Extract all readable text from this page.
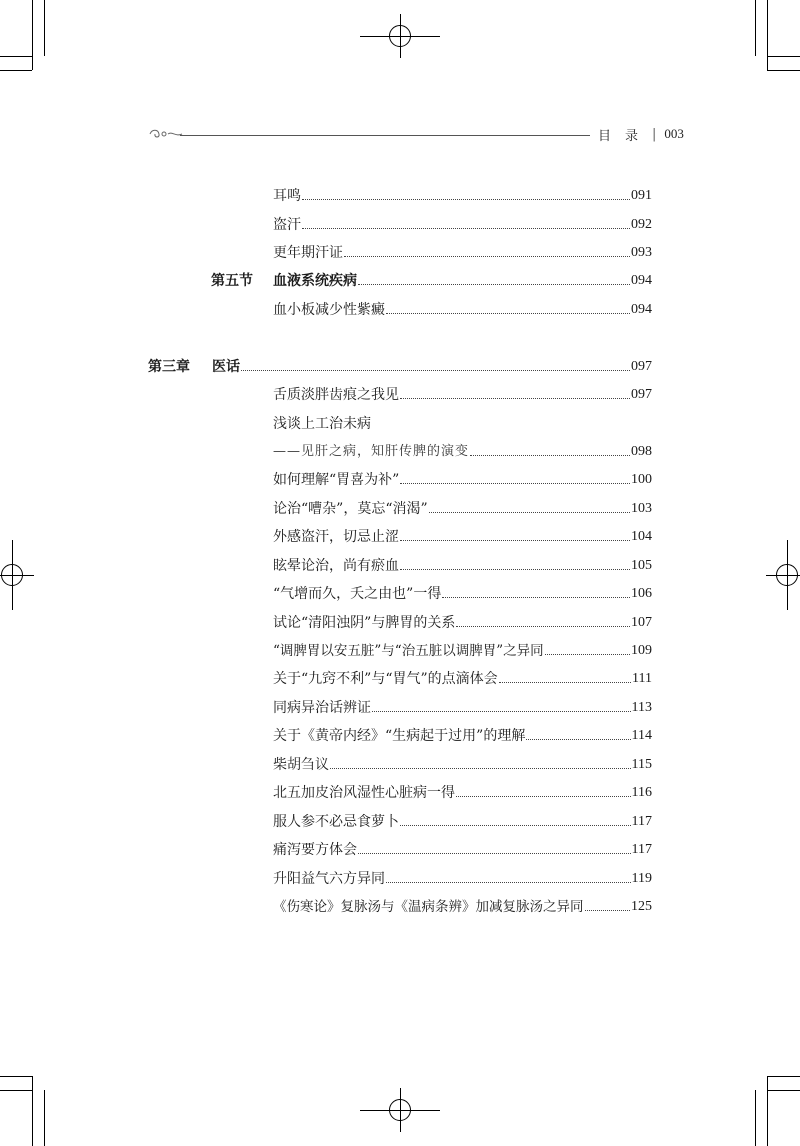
目录 | 003
耳鸣	091
盗汗	092
更年期汗证	093
第五节 血液系统疾病	094
血小板减少性紫癜	094
第三章 医话	097
舌质淡胖齿痕之我见	097
浅谈上工治未病
——见肝之病，知肝传脾的演变	098
如何理解“胃喜为补”	100
论治“嘈杂”，莫忘“消渴”	103
外感盗汗，切忌止涩	104
眩晕论治，尚有瘀血	105
“气增而久，夭之由也”一得	106
试论“清阳浊阴”与脾胃的关系	107
“调脾胃以安五脏”与“治五脏以调脾胃”之异同	109
关于“九窍不利”与“胃气”的点滴体会	111
同病异治话辨证	113
关于《黄帝内经》“生病起于过用”的理解	114
柴胡刍议	115
北五加皮治风湿性心脏病一得	116
服人参不必忌食萝卜	117
痛泻要方体会	117
升阳益气六方异同	119
《伤寒论》复脉汤与《温病条辨》加减复脉汤之异同	125
